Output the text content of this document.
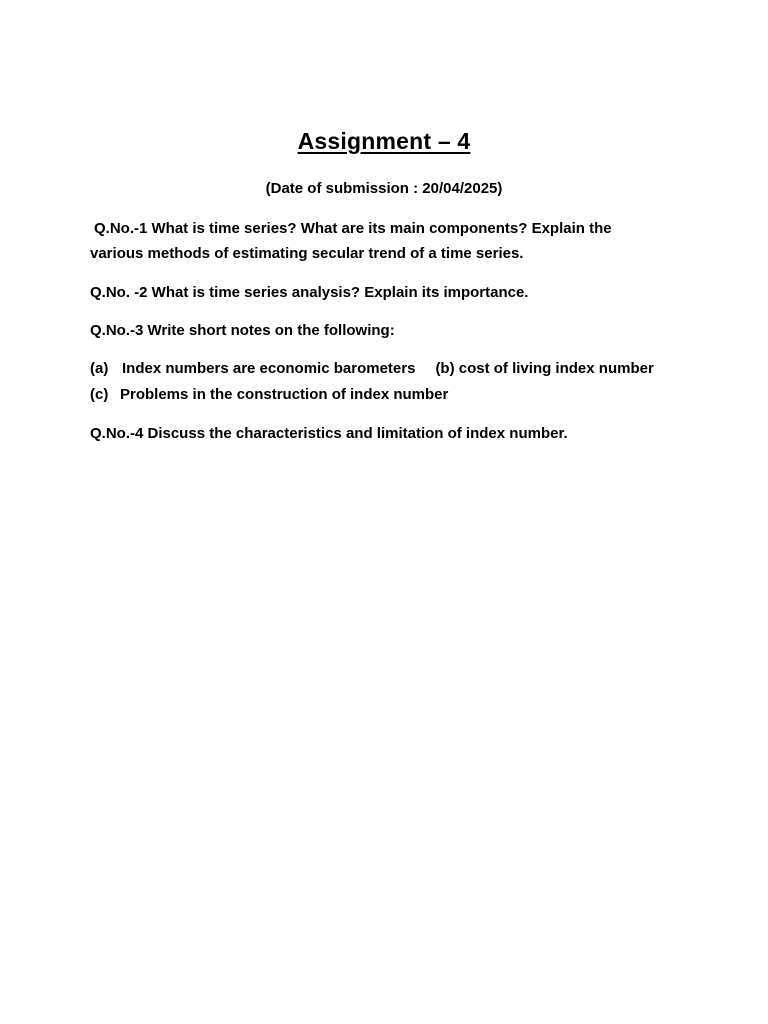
Assignment – 4
(Date of submission : 20/04/2025)
Q.No.-1 What is time series? What are its main components? Explain the
various methods of estimating secular trend of a time series.
Q.No. -2 What is time series analysis? Explain its importance.
Q.No.-3 Write short notes on the following:
(a) Index numbers are economic barometers (b) cost of living index number
(c) Problems in the construction of index number
Q.No.-4 Discuss the characteristics and limitation of index number.
